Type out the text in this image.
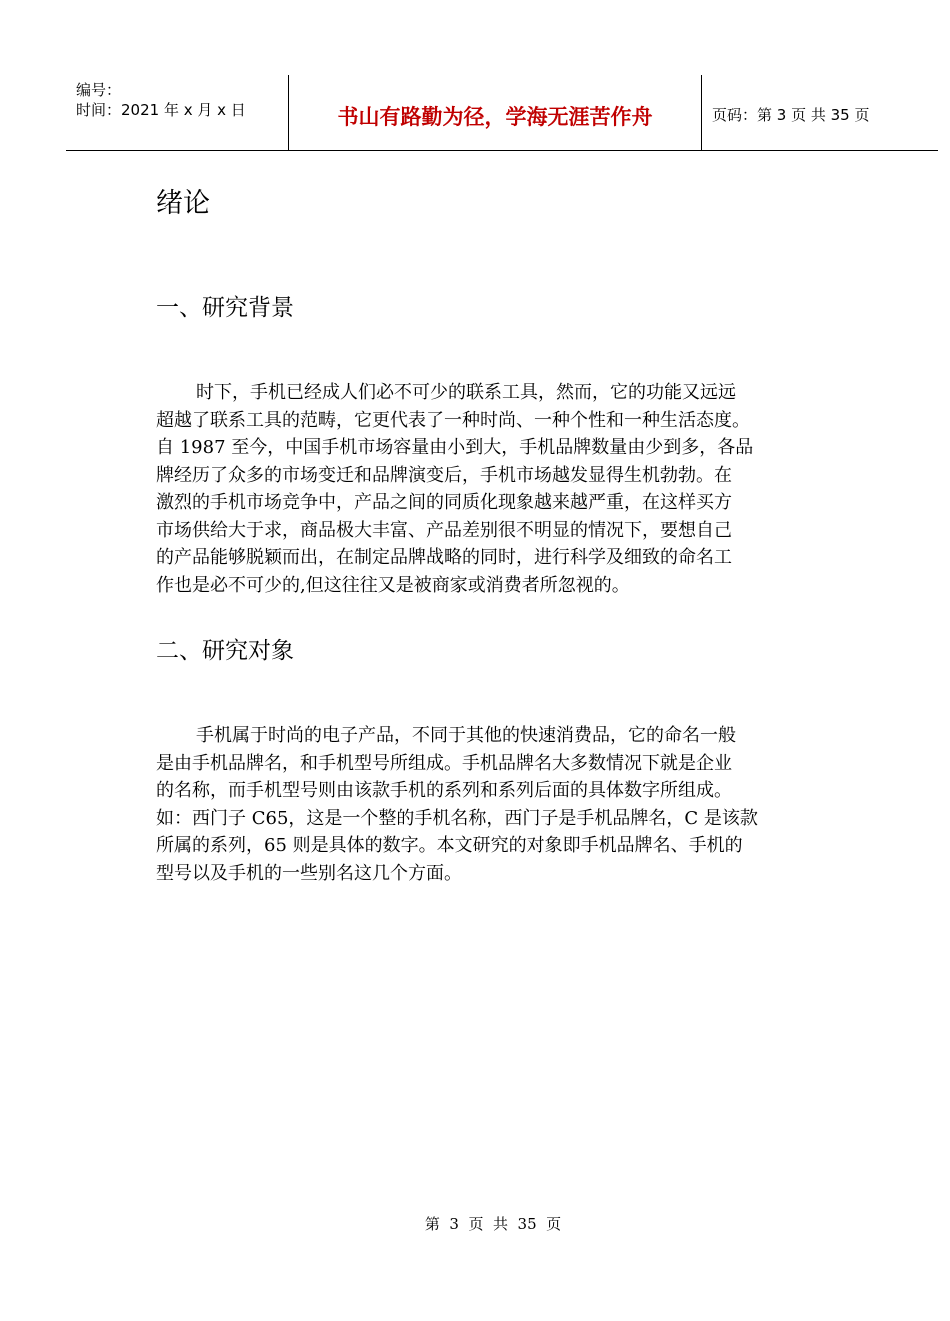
编号：
时间：2021 年 x 月 x 日	书山有路勤为径，学海无涯苦作舟	页码：第 3 页 共 35 页
绪论
一、研究背景
时下，手机已经成人们必不可少的联系工具，然而，它的功能又远远
超越了联系工具的范畴，它更代表了一种时尚、一种个性和一种生活态度。
自 1987 至今，中国手机市场容量由小到大，手机品牌数量由少到多，各品
牌经历了众多的市场变迁和品牌演变后，手机市场越发显得生机勃勃。在
激烈的手机市场竞争中，产品之间的同质化现象越来越严重，在这样买方
市场供给大于求，商品极大丰富、产品差别很不明显的情况下，要想自己
的产品能够脱颖而出，在制定品牌战略的同时，进行科学及细致的命名工
作也是必不可少的,但这往往又是被商家或消费者所忽视的。
二、研究对象
手机属于时尚的电子产品，不同于其他的快速消费品，它的命名一般
是由手机品牌名，和手机型号所组成。手机品牌名大多数情况下就是企业
的名称，而手机型号则由该款手机的系列和系列后面的具体数字所组成。
如：西门子 C65，这是一个整的手机名称，西门子是手机品牌名，C 是该款
所属的系列，65 则是具体的数字。本文研究的对象即手机品牌名、手机的
型号以及手机的一些别名这几个方面。
第  3  页  共  35  页
